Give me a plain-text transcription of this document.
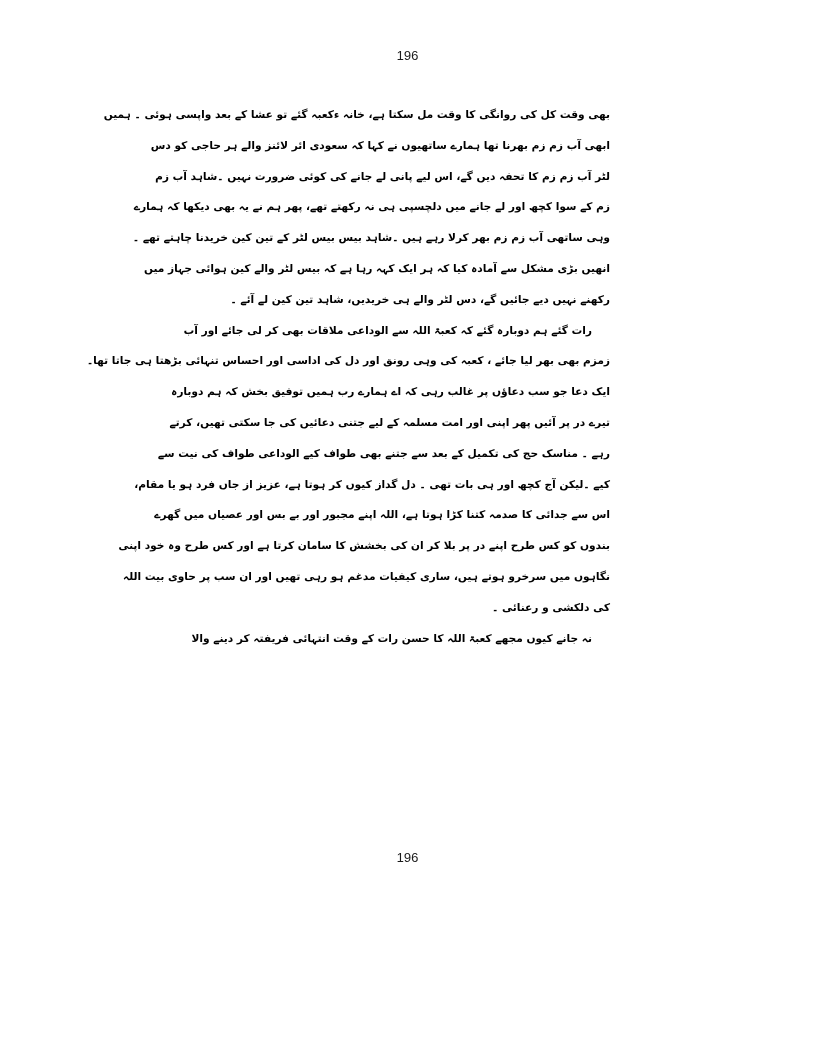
196
بھی وقت کل کی روانگی کا وقت مل سکتا ہے، خانہ ءکعبہ گئے تو عشا کے بعد واپسی ہوئی ۔ ہمیں
ابھی آب زم زم بھرنا تھا ہمارے ساتھیوں نے کہا کہ سعودی ائر لائنز والے ہر حاجی کو دس
لٹر آب زم زم کا تحفہ دیں گے، اس لیے پانی لے جانے کی کوئی ضرورت نہیں ۔شاہد آب زم
زم کے سوا کچھ اور لے جانے میں دلچسپی ہی نہ رکھتے تھے، پھر ہم نے یہ بھی دیکھا کہ ہمارے
وہی ساتھی آب زم زم بھر کرلا رہے ہیں ۔شاہد بیس بیس لٹر کے تین کین خریدنا چاہتے تھے ۔
انھیں بڑی مشکل سے آمادہ کیا کہ ہر ایک کہہ رہا ہے کہ بیس لٹر والے کین ہوائی جہاز میں
رکھنے نہیں دیے جائیں گے، دس لٹر والے ہی خریدیں، شاہد تین کین لے آئے ۔
رات گئے ہم دوبارہ گئے کہ کعبۃ اللہ سے الوداعی ملاقات بھی کر لی جائے اور آب
زمزم بھی بھر لیا جائے ، کعبہ کی وہی رونق اور دل کی اداسی اور احساس تنہائی بڑھتا ہی جاتا تھا۔
ایک دعا جو سب دعاؤں پر غالب رہی کہ اے ہمارے رب ہمیں توفیق بخش کہ ہم دوبارہ
تیرے در پر آئیں پھر اپنی اور امت مسلمہ کے لیے جتنی دعائیں کی جا سکتی تھیں، کرتے
رہے ۔ مناسک حج کی تکمیل کے بعد سے جتنے بھی طواف کیے الوداعی طواف کی نیت سے
کیے ۔لیکن آج کچھ اور ہی بات تھی ۔ دل گداز کیوں کر ہوتا ہے، عزیز از جاں فرد ہو یا مقام،
اس سے جدائی کا صدمہ کتنا کڑا ہوتا ہے، اللہ اپنے مجبور اور بے بس اور عصیاں میں گھرے
بندوں کو کس طرح اپنے در پر بلا کر ان کی بخشش کا سامان کرتا ہے اور کس طرح وہ خود اپنی
نگاہوں میں سرخرو ہوتے ہیں، ساری کیفیات مدغم ہو رہی تھیں اور ان سب پر حاوی بیت اللہ
کی دلکشی و رعنائی ۔
نہ جانے کیوں مجھے کعبۃ اللہ کا حسن رات کے وقت انتہائی فریفتہ کر دینے والا
196
